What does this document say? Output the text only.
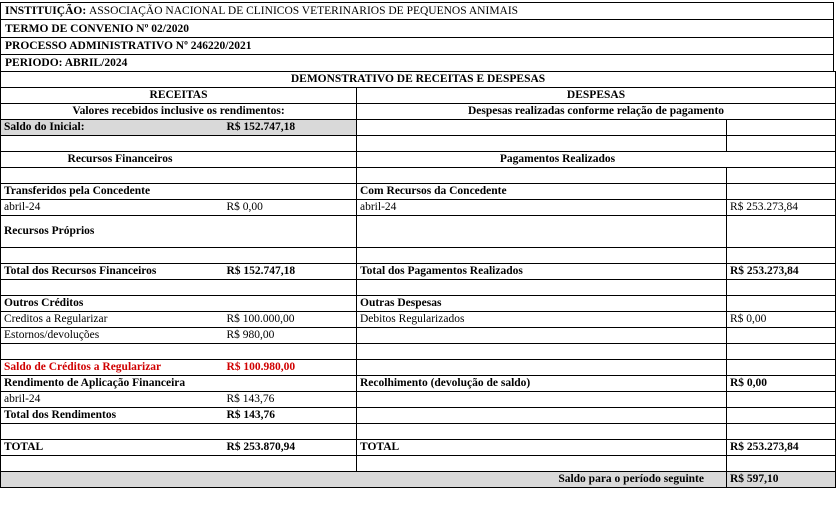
INSTITUIÇÃO: ASSOCIAÇÃO NACIONAL DE CLINICOS VETERINARIOS DE PEQUENOS ANIMAIS
TERMO DE CONVENIO Nº 02/2020
PROCESSO ADMINISTRATIVO Nº 246220/2021
PERIODO: ABRIL/2024
DEMONSTRATIVO DE RECEITAS E DESPESAS			
RECEITAS		DESPESAS	
Valores recebidos inclusive os rendimentos:		Despesas realizadas conforme relação de pagamento	
Saldo do Inicial:	R$ 152.747,18		

Recursos Financeiros		Pagamentos Realizados	

Transferidos pela Concedente		Com Recursos da Concedente	
abril-24	R$ 0,00	abril-24	R$ 253.273,84
Recursos Próprios			

Total dos Recursos Financeiros	R$ 152.747,18	Total dos Pagamentos Realizados	R$ 253.273,84

Outros Créditos		Outras Despesas	
Creditos a Regularizar	R$ 100.000,00	Debitos Regularizados	R$ 0,00
Estornos/devoluções	R$ 980,00		

Saldo de Créditos a Regularizar	R$ 100.980,00		
Rendimento de Aplicação Financeira		Recolhimento (devolução de saldo)	R$ 0,00
abril-24	R$ 143,76		
Total dos Rendimentos	R$ 143,76		

TOTAL	R$ 253.870,94	TOTAL	R$ 253.273,84

Saldo para o período seguinte			R$ 597,10
